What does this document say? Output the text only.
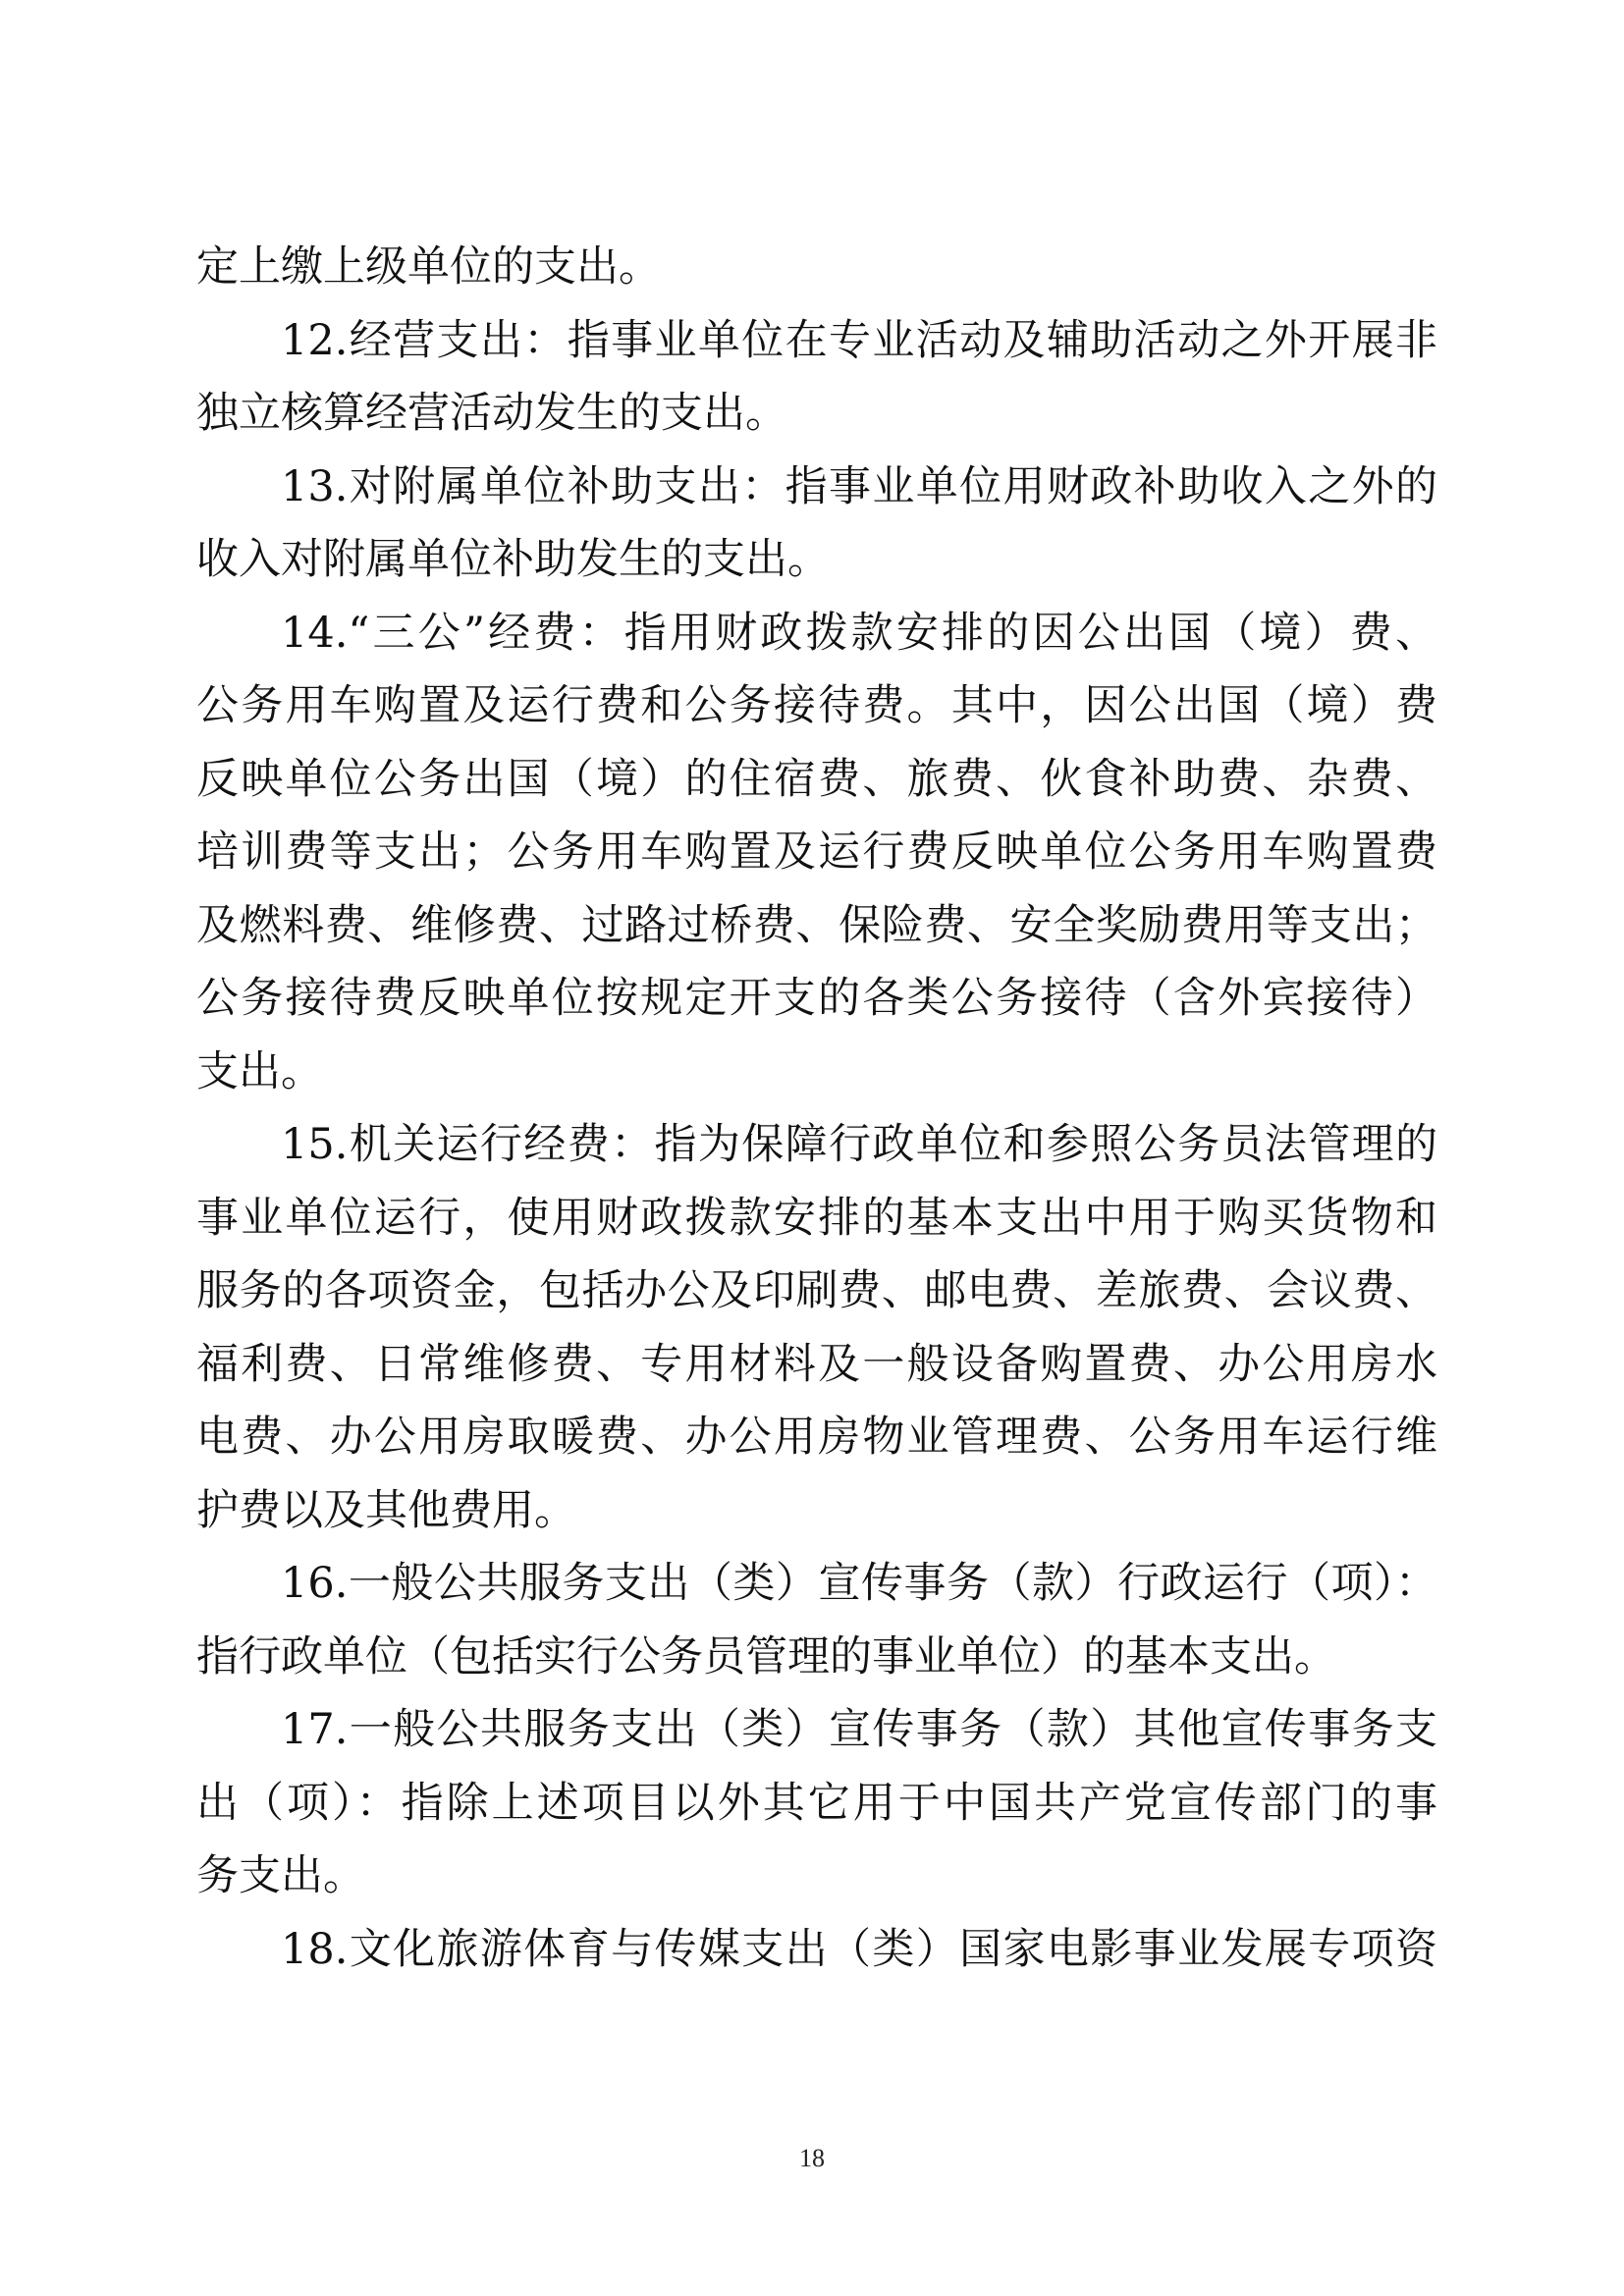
定上缴上级单位的支出。
12.经营支出：指事业单位在专业活动及辅助活动之外开展非
独立核算经营活动发生的支出。
13.对附属单位补助支出：指事业单位用财政补助收入之外的
收入对附属单位补助发生的支出。
14.“三公”经费：指用财政拨款安排的因公出国（境）费、
公务用车购置及运行费和公务接待费。其中，因公出国（境）费
反映单位公务出国（境）的住宿费、旅费、伙食补助费、杂费、
培训费等支出；公务用车购置及运行费反映单位公务用车购置费
及燃料费、维修费、过路过桥费、保险费、安全奖励费用等支出；
公务接待费反映单位按规定开支的各类公务接待（含外宾接待）
支出。
15.机关运行经费：指为保障行政单位和参照公务员法管理的
事业单位运行，使用财政拨款安排的基本支出中用于购买货物和
服务的各项资金，包括办公及印刷费、邮电费、差旅费、会议费、
福利费、日常维修费、专用材料及一般设备购置费、办公用房水
电费、办公用房取暖费、办公用房物业管理费、公务用车运行维
护费以及其他费用。
16.一般公共服务支出（类）宣传事务（款）行政运行（项）：
指行政单位（包括实行公务员管理的事业单位）的基本支出。
17.一般公共服务支出（类）宣传事务（款）其他宣传事务支
出（项）：指除上述项目以外其它用于中国共产党宣传部门的事
务支出。
18.文化旅游体育与传媒支出（类）国家电影事业发展专项资
18
